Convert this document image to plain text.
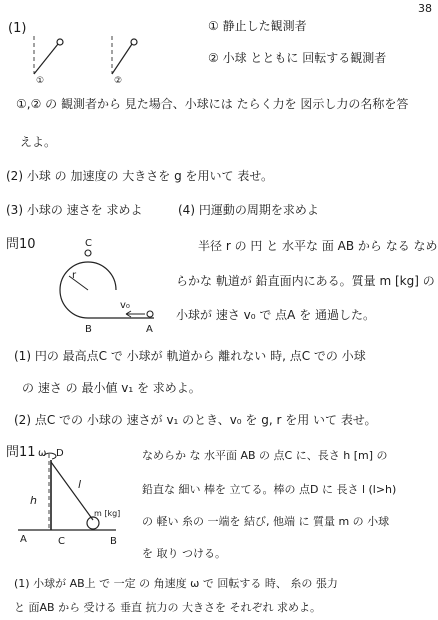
38
(1)
①	②
① 静止した観測者
② 小球 とともに 回転する観測者
①,② の 観測者から 見た場合、小球には たらく力を 図示し力の名称を答
えよ。
(2) 小球 の 加速度の 大きさを g を用いて 表せ。
(3) 小球の 速さを 求めよ	(4) 円運動の周期を求めよ
問10	C
r
v₀
B	A
半径 r の 円 と 水平な 面 AB から なる なめ
らかな 軌道が 鉛直面内にある。質量 m [kg] の
小球が 速さ v₀ で 点A を 通過した。
(1) 円の 最高点C で 小球が 軌道から 離れない 時, 点C での 小球
の 速さ の 最小値 v₁ を 求めよ。
(2) 点C での 小球の 速さが v₁ のとき、v₀ を g, r を用 いて 表せ。
問11 ω D
h
l
m [kg]
A	C	B
なめらか な 水平面 AB の 点C に、長さ h [m] の
鉛直な 細い 棒を 立てる。棒の 点D に 長さ l (l>h)
の 軽い 糸の 一端を 結び, 他端 に 質量 m の 小球
を 取り つける。
(1) 小球が AB上 で 一定 の 角速度 ω で 回転する 時、 糸の 張力
と 面AB から 受ける 垂直 抗力の 大きさを それぞれ 求めよ。
